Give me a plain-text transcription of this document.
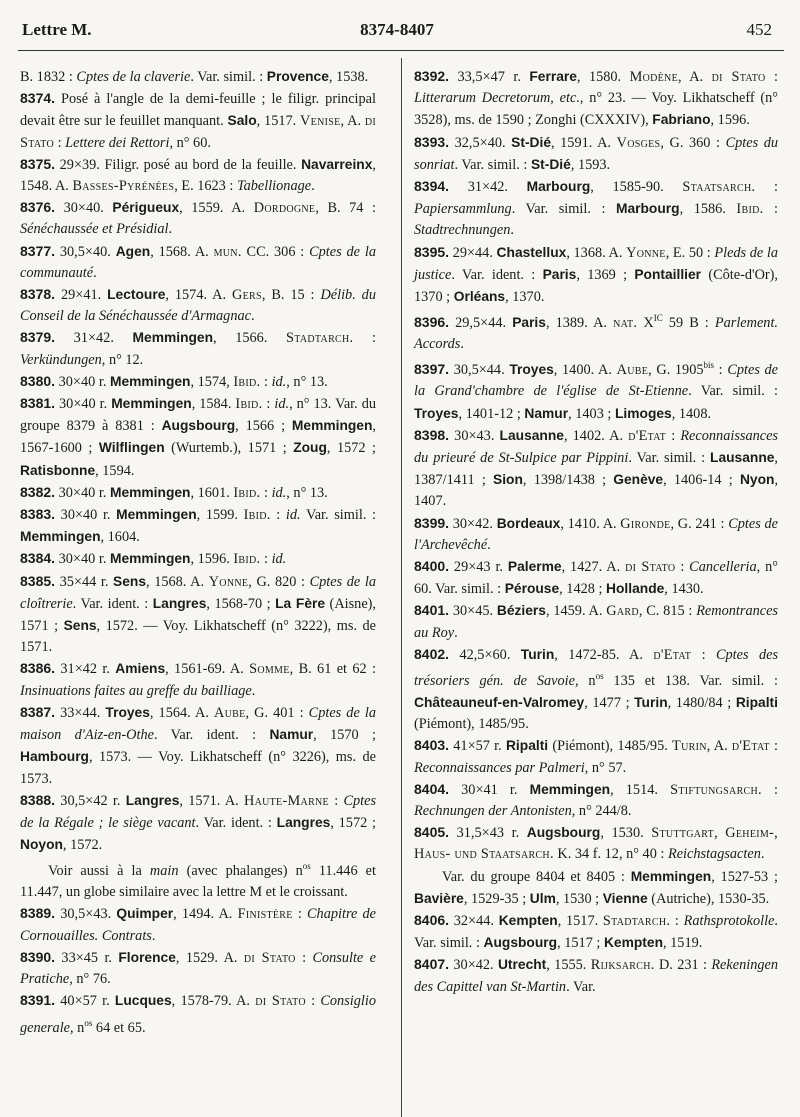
Lettre M.	8374-8407	452
B. 1832 : Cptes de la claverie. Var. simil. : Provence, 1538.
8374. Posé à l'angle de la demi-feuille ; le filigr. principal devait être sur le feuillet manquant. Salo, 1517. Venise, A. di Stato : Lettere dei Rettori, n° 60.
8375. 29×39. Filigr. posé au bord de la feuille. Navarreinx, 1548. A. Basses-Pyrénées, E. 1623 : Tabellionage.
8376. 30×40. Périgueux, 1559. A. Dordogne, B. 74 : Sénéchaussée et Présidial.
8377. 30,5×40. Agen, 1568. A. mun. CC. 306 : Cptes de la communauté.
8378. 29×41. Lectoure, 1574. A. Gers, B. 15 : Délib. du Conseil de la Sénéchaussée d'Armagnac.
8379. 31×42. Memmingen, 1566. Stadtarch. : Verkündungen, n° 12.
8380. 30×40 r. Memmingen, 1574, Ibid. : id., n° 13.
8381. 30×40 r. Memmingen, 1584. Ibid. : id., n° 13. Var. du groupe 8379 à 8381 : Augsbourg, 1566 ; Memmingen, 1567-1600 ; Wilflingen (Wurtemb.), 1571 ; Zoug, 1572 ; Ratisbonne, 1594.
8382. 30×40 r. Memmingen, 1601. Ibid. : id., n° 13.
8383. 30×40 r. Memmingen, 1599. Ibid. : id. Var. simil. : Memmingen, 1604.
8384. 30×40 r. Memmingen, 1596. Ibid. : id.
8385. 35×44 r. Sens, 1568. A. Yonne, G. 820 : Cptes de la cloîtrerie. Var. ident. : Langres, 1568-70 ; La Fère (Aisne), 1571 ; Sens, 1572. — Voy. Likhatscheff (n° 3222), ms. de 1571.
8386. 31×42 r. Amiens, 1561-69. A. Somme, B. 61 et 62 : Insinuations faites au greffe du bailliage.
8387. 33×44. Troyes, 1564. A. Aube, G. 401 : Cptes de la maison d'Aiz-en-Othe. Var. ident. : Namur, 1570 ; Hambourg, 1573. — Voy. Likhatscheff (n° 3226), ms. de 1573.
8388. 30,5×42 r. Langres, 1571. A. Haute-Marne : Cptes de la Régale ; le siège vacant. Var. ident. : Langres, 1572 ; Noyon, 1572.
Voir aussi à la main (avec phalanges) $n^{os}$ 11.446 et 11.447, un globe similaire avec la lettre M et le croissant.
8389. 30,5×43. Quimper, 1494. A. Finistère : Chapitre de Cornouailles. Contrats.
8390. 33×45 r. Florence, 1529. A. di Stato : Consulte e Pratiche, n° 76.
8391. 40×57 r. Lucques, 1578-79. A. di Stato : Consiglio generale, $n^{os}$ 64 et 65.
8392. 33,5×47 r. Ferrare, 1580. Modène, A. di Stato : Litterarum Decretorum, etc., n° 23. — Voy. Likhatscheff (n° 3528), ms. de 1590 ; Zonghi (CXXXIV), Fabriano, 1596.
8393. 32,5×40. St-Dié, 1591. A. Vosges, G. 360 : Cptes du sonriat. Var. simil. : St-Dié, 1593.
8394. 31×42. Marbourg, 1585-90. Staatsarch. : Papiersammlung. Var. simil. : Marbourg, 1586. Ibid. : Stadtrechnungen.
8395. 29×44. Chastellux, 1368. A. Yonne, E. 50 : Pleds de la justice. Var. ident. : Paris, 1369 ; Pontaillier (Côte-d'Or), 1370 ; Orléans, 1370.
8396. 29,5×44. Paris, 1389. A. nat. $X^{IC}$ 59 B : Parlement. Accords.
8397. 30,5×44. Troyes, 1400. A. Aube, G. $1905^{bis}$ : Cptes de la Grand'chambre de l'église de St-Etienne. Var. simil. : Troyes, 1401-12 ; Namur, 1403 ; Limoges, 1408.
8398. 30×43. Lausanne, 1402. A. d'Etat : Reconnaissances du prieuré de St-Sulpice par Pippini. Var. simil. : Lausanne, 1387/1411 ; Sion, 1398/1438 ; Genève, 1406-14 ; Nyon, 1407.
8399. 30×42. Bordeaux, 1410. A. Gironde, G. 241 : Cptes de l'Archevêché.
8400. 29×43 r. Palerme, 1427. A. di Stato : Cancelleria, n° 60. Var. simil. : Pérouse, 1428 ; Hollande, 1430.
8401. 30×45. Béziers, 1459. A. Gard, C. 815 : Remontrances au Roy.
8402. 42,5×60. Turin, 1472-85. A. d'Etat : Cptes des trésoriers gén. de Savoie, $n^{os}$ 135 et 138. Var. simil. : Châteauneuf-en-Valromey, 1477 ; Turin, 1480/84 ; Ripalti (Piémont), 1485/95.
8403. 41×57 r. Ripalti (Piémont), 1485/95. Turin, A. d'Etat : Reconnaissances par Palmeri, n° 57.
8404. 30×41 r. Memmingen, 1514. Stiftungsarch. : Rechnungen der Antonisten, n° 244/8.
8405. 31,5×43 r. Augsbourg, 1530. Stuttgart, Geheim-, Haus- und Staatsarch. K. 34 f. 12, n° 40 : Reichstagsacten.
Var. du groupe 8404 et 8405 : Memmingen, 1527-53 ; Bavière, 1529-35 ; Ulm, 1530 ; Vienne (Autriche), 1530-35.
8406. 32×44. Kempten, 1517. Stadtarch. : Rathsprotokolle. Var. simil. : Augsbourg, 1517 ; Kempten, 1519.
8407. 30×42. Utrecht, 1555. Rijksarch. D. 231 : Rekeningen des Capittel van St-Martin. Var.
